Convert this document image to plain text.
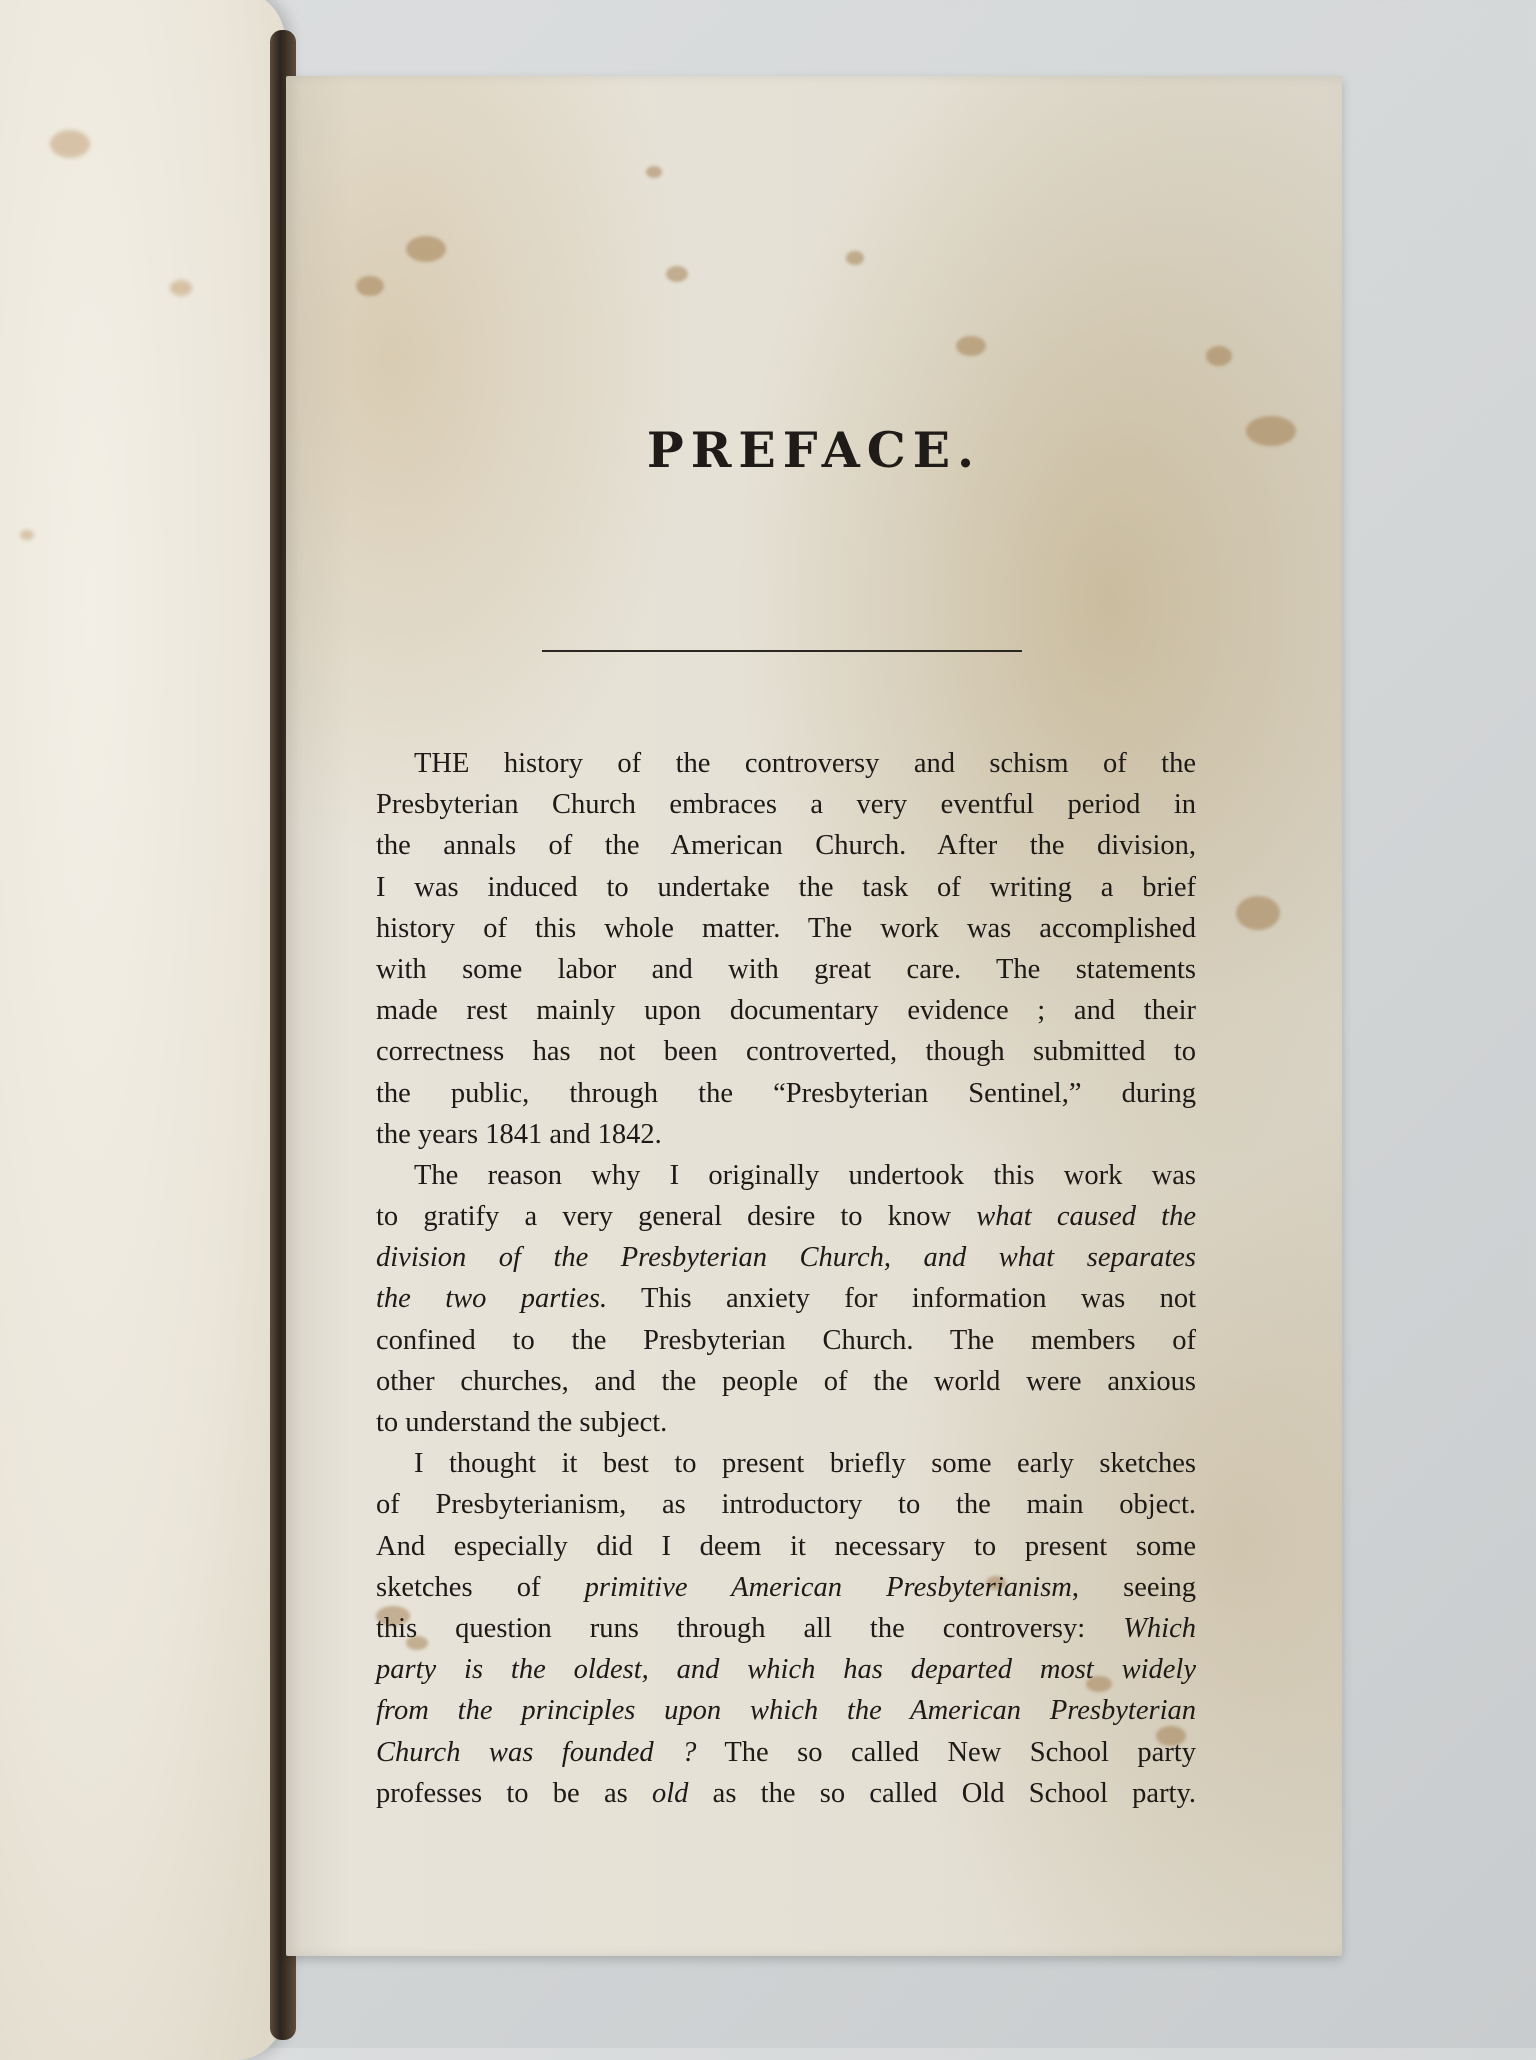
PREFACE.
THE history of the controversy and schism of the
Presbyterian Church embraces a very eventful period in
the annals of the American Church. After the division,
I was induced to undertake the task of writing a brief
history of this whole matter. The work was accomplished
with some labor and with great care. The statements
made rest mainly upon documentary evidence ; and their
correctness has not been controverted, though submitted to
the public, through the “Presbyterian Sentinel,” during
the years 1841 and 1842.
The reason why I originally undertook this work was
to gratify a very general desire to know what caused the
division of the Presbyterian Church, and what separates
the two parties. This anxiety for information was not
confined to the Presbyterian Church. The members of
other churches, and the people of the world were anxious
to understand the subject.
I thought it best to present briefly some early sketches
of Presbyterianism, as introductory to the main object.
And especially did I deem it necessary to present some
sketches of primitive American Presbyterianism, seeing
this question runs through all the controversy: Which
party is the oldest, and which has departed most widely
from the principles upon which the American Presbyterian
Church was founded ? The so called New School party
professes to be as old as the so called Old School party.
